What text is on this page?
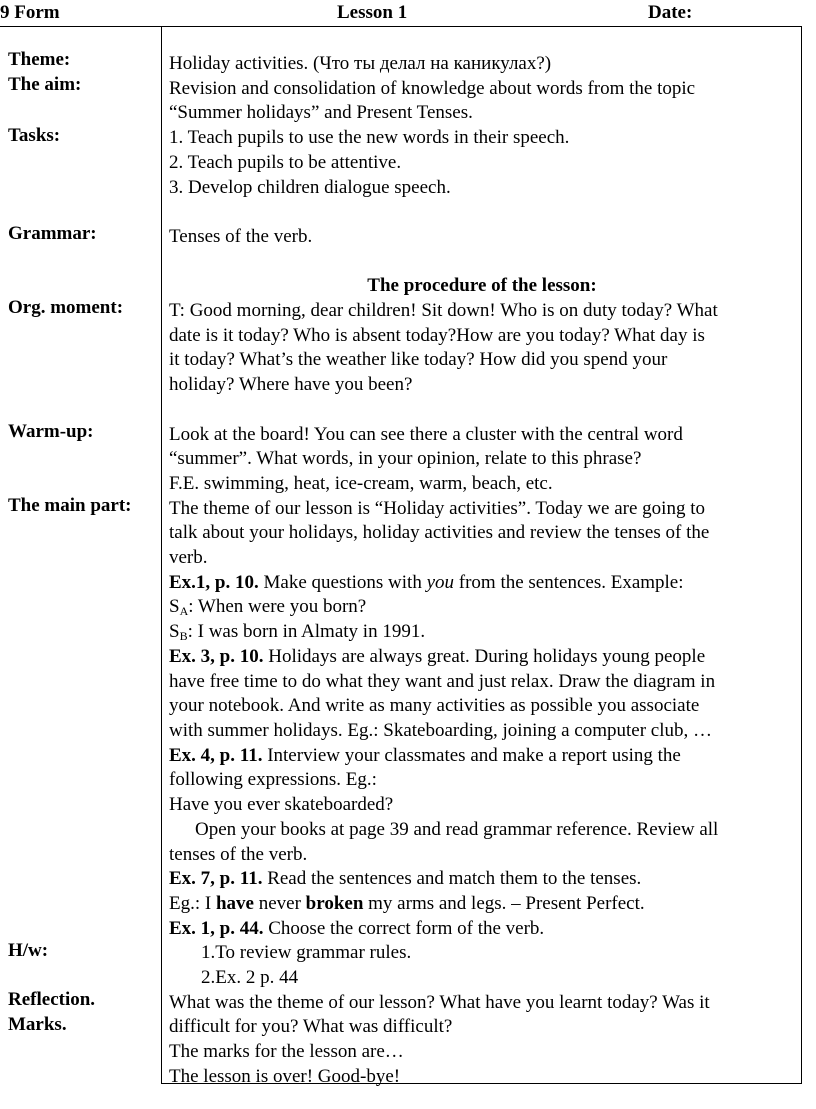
9 Form	Lesson 1	Date:
Theme:
The aim:
Tasks:
Grammar:
Org. moment:
Warm-up:
The main part:
H/w:
Reflection.
Marks.

Holiday activities. (Что ты делал на каникулах?)

Revision and consolidation of knowledge about words from the topic

“Summer holidays” and Present Tenses.

1. Teach pupils to use the new words in their speech.

2. Teach pupils to be attentive.

3. Develop children dialogue speech.

Tenses of the verb.

The procedure of the lesson:

T: Good morning, dear children! Sit down! Who is on duty today? What

date is it today? Who is absent today?How are you today? What day is

it today? What’s the weather like today? How did you spend your

holiday? Where have you been?

Look at the board! You can see there a cluster with the central word

“summer”. What words, in your opinion, relate to this phrase?

F.E. swimming, heat, ice-cream, warm, beach, etc.

The theme of our lesson is “Holiday activities”. Today we are going to

talk about your holidays, holiday activities and review the tenses of the

verb.

Ex.1, p. 10. Make questions with you from the sentences. Example:

$S_A$: When were you born?

$S_B$: I was born in Almaty in 1991.

Ex. 3, p. 10. Holidays are always great. During holidays young people

have free time to do what they want and just relax. Draw the diagram in

your notebook. And write as many activities as possible you associate

with summer holidays. Eg.: Skateboarding, joining a computer club, …

Ex. 4, p. 11. Interview your classmates and make a report using the

following expressions. Eg.:

Have you ever skateboarded?

Open your books at page 39 and read grammar reference. Review all

tenses of the verb.

Ex. 7, p. 11. Read the sentences and match them to the tenses.

Eg.: I have never broken my arms and legs. – Present Perfect.

Ex. 1, p. 44. Choose the correct form of the verb.

1.To review grammar rules.

2.Ex. 2 p. 44

What was the theme of our lesson? What have you learnt today? Was it

difficult for you? What was difficult?

The marks for the lesson are…

The lesson is over! Good-bye!
